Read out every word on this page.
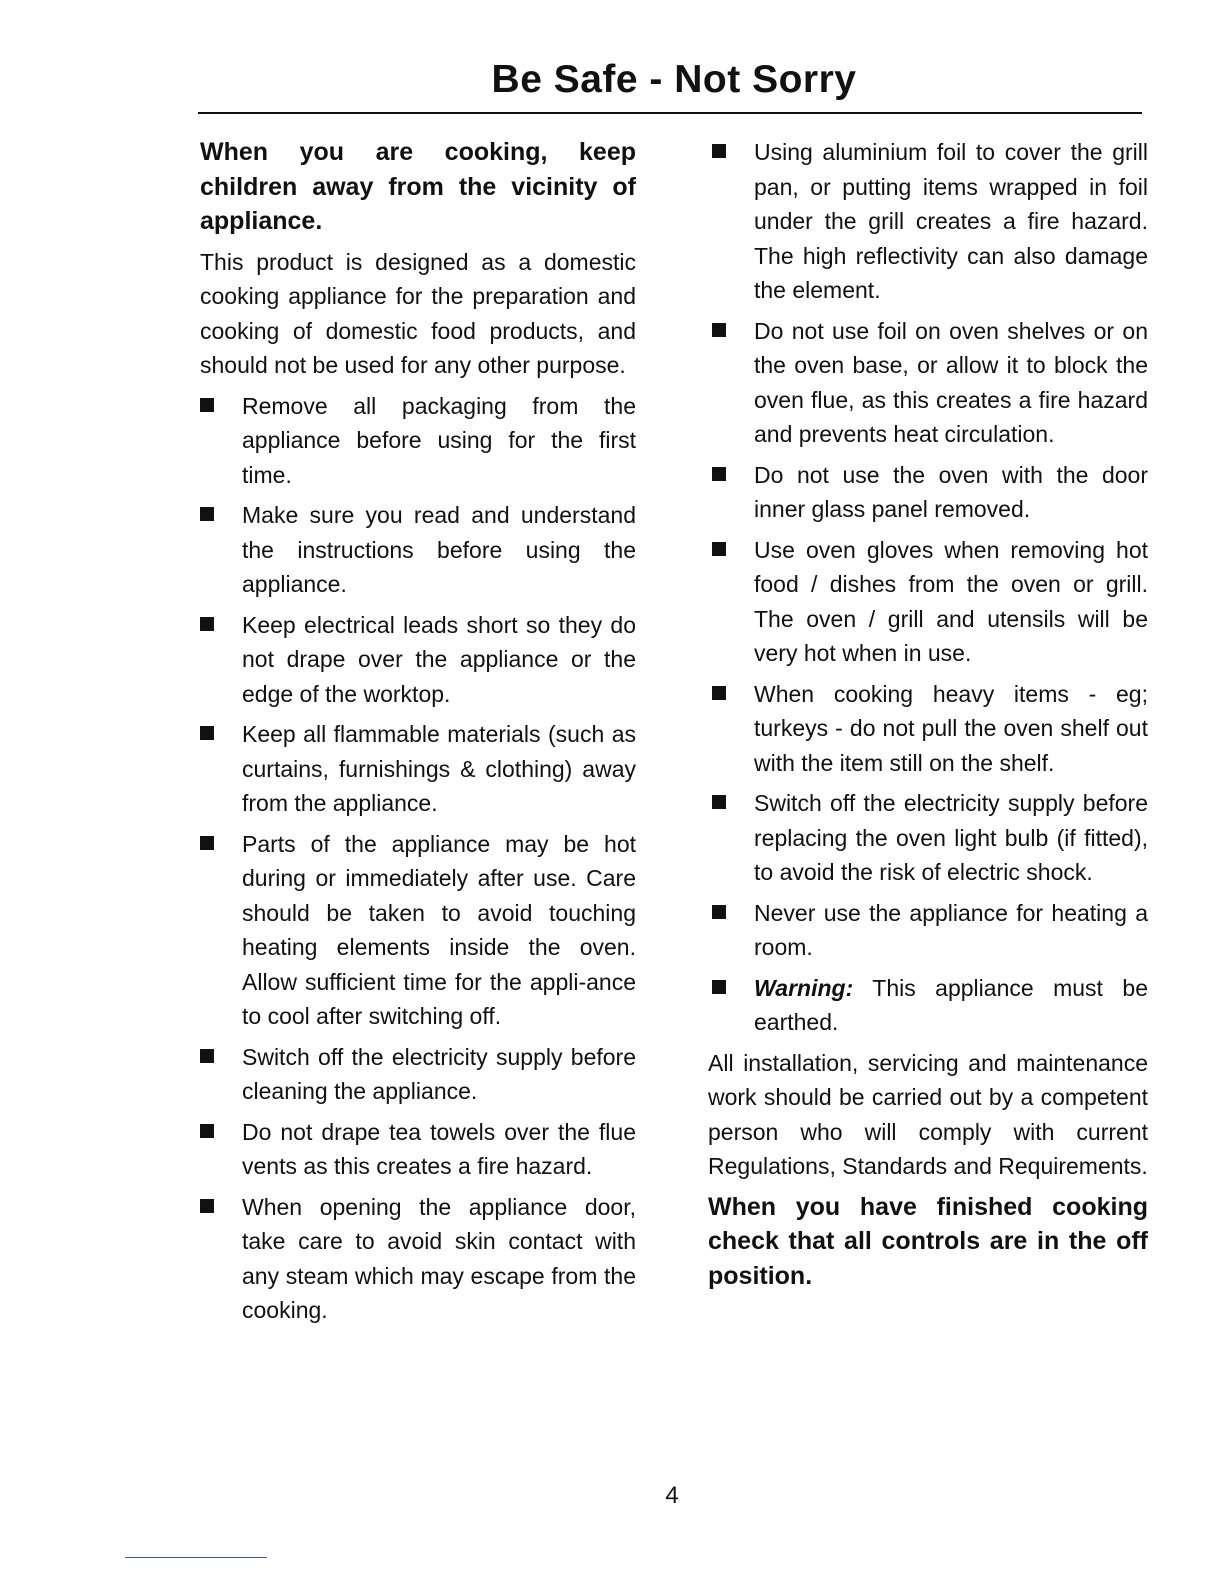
Be Safe - Not Sorry
When you are cooking, keep children away from the vicinity of appliance.

This product is designed as a domestic cooking appliance for the preparation and cooking of domestic food products, and should not be used for any other purpose.

Remove all packaging from the appliance before using for the first time.
Make sure you read and understand the instructions before using the appliance.
Keep electrical leads short so they do not drape over the appliance or the edge of the worktop.
Keep all flammable materials (such as curtains, furnishings & clothing) away from the appliance.
Parts of the appliance may be hot during or immediately after use. Care should be taken to avoid touching heating elements inside the oven. Allow sufficient time for the appli-ance to cool after switching off.
Switch off the electricity supply before cleaning the appliance.
Do not drape tea towels over the flue vents as this creates a fire hazard.
When opening the appliance door, take care to avoid skin contact with any steam which may escape from the cooking.
Using aluminium foil to cover the grill pan, or putting items wrapped in foil under the grill creates a fire hazard. The high reflectivity can also damage the element.
Do not use foil on oven shelves or on the oven base, or allow it to block the oven flue, as this creates a fire hazard and prevents heat circulation.
Do not use the oven with the door inner glass panel removed.
Use oven gloves when removing hot food / dishes from the oven or grill. The oven / grill and utensils will be very hot when in use.
When cooking heavy items - eg; turkeys - do not pull the oven shelf out with the item still on the shelf.
Switch off the electricity supply before replacing the oven light bulb (if fitted), to avoid the risk of electric shock.
Never use the appliance for heating a room.
Warning: This appliance must be earthed.

All installation, servicing and maintenance work should be carried out by a competent person who will comply with current Regulations, Standards and Requirements.

When you have finished cooking check that all controls are in the off position.
4
